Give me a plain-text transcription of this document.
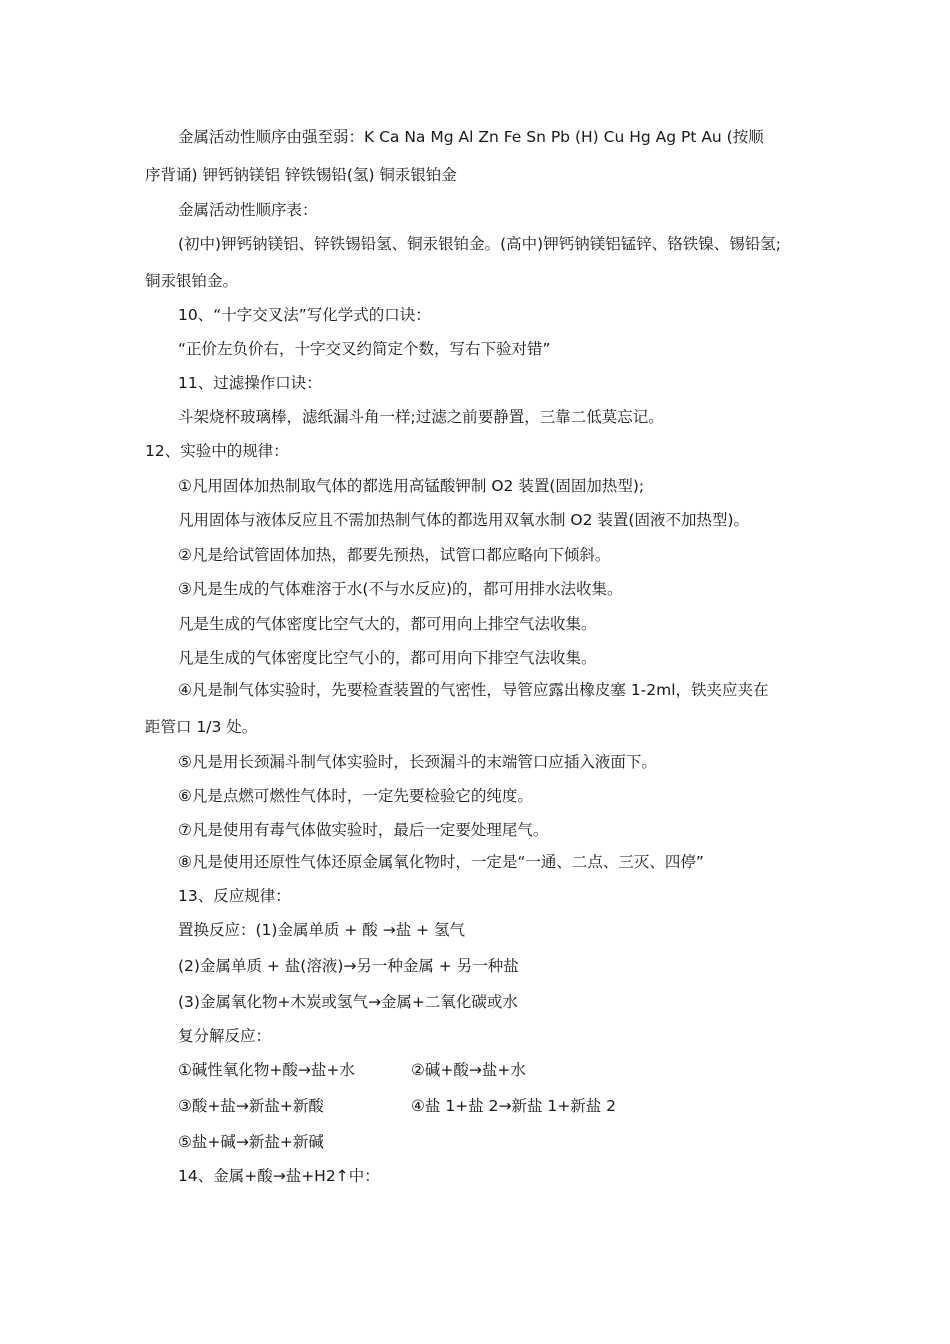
金属活动性顺序由强至弱：K Ca Na Mg Al Zn Fe Sn Pb (H) Cu Hg Ag Pt Au (按顺
序背诵) 钾钙钠镁铝 锌铁锡铅(氢) 铜汞银铂金
金属活动性顺序表：
(初中)钾钙钠镁铝、锌铁锡铅氢、铜汞银铂金。(高中)钾钙钠镁铝锰锌、铬铁镍、锡铅氢;
铜汞银铂金。
10、“十字交叉法”写化学式的口诀：
“正价左负价右，十字交叉约简定个数，写右下验对错”
11、过滤操作口诀：
斗架烧杯玻璃棒，滤纸漏斗角一样;过滤之前要静置，三靠二低莫忘记。
12、实验中的规律：
①凡用固体加热制取气体的都选用高锰酸钾制 O2 装置(固固加热型);
凡用固体与液体反应且不需加热制气体的都选用双氧水制 O2 装置(固液不加热型)。
②凡是给试管固体加热，都要先预热，试管口都应略向下倾斜。
③凡是生成的气体难溶于水(不与水反应)的，都可用排水法收集。
凡是生成的气体密度比空气大的，都可用向上排空气法收集。
凡是生成的气体密度比空气小的，都可用向下排空气法收集。
④凡是制气体实验时，先要检查装置的气密性，导管应露出橡皮塞 1-2ml，铁夹应夹在
距管口 1/3 处。
⑤凡是用长颈漏斗制气体实验时，长颈漏斗的末端管口应插入液面下。
⑥凡是点燃可燃性气体时，一定先要检验它的纯度。
⑦凡是使用有毒气体做实验时，最后一定要处理尾气。
⑧凡是使用还原性气体还原金属氧化物时，一定是“一通、二点、三灭、四停”
13、反应规律：
置换反应：(1)金属单质 + 酸 →盐 + 氢气
(2)金属单质 + 盐(溶液)→另一种金属 + 另一种盐
(3)金属氧化物+木炭或氢气→金属+二氧化碳或水
复分解反应：
①碱性氧化物+酸→盐+水	②碱+酸→盐+水
③酸+盐→新盐+新酸	④盐 1+盐 2→新盐 1+新盐 2
⑤盐+碱→新盐+新碱
14、金属+酸→盐+H2↑中：
